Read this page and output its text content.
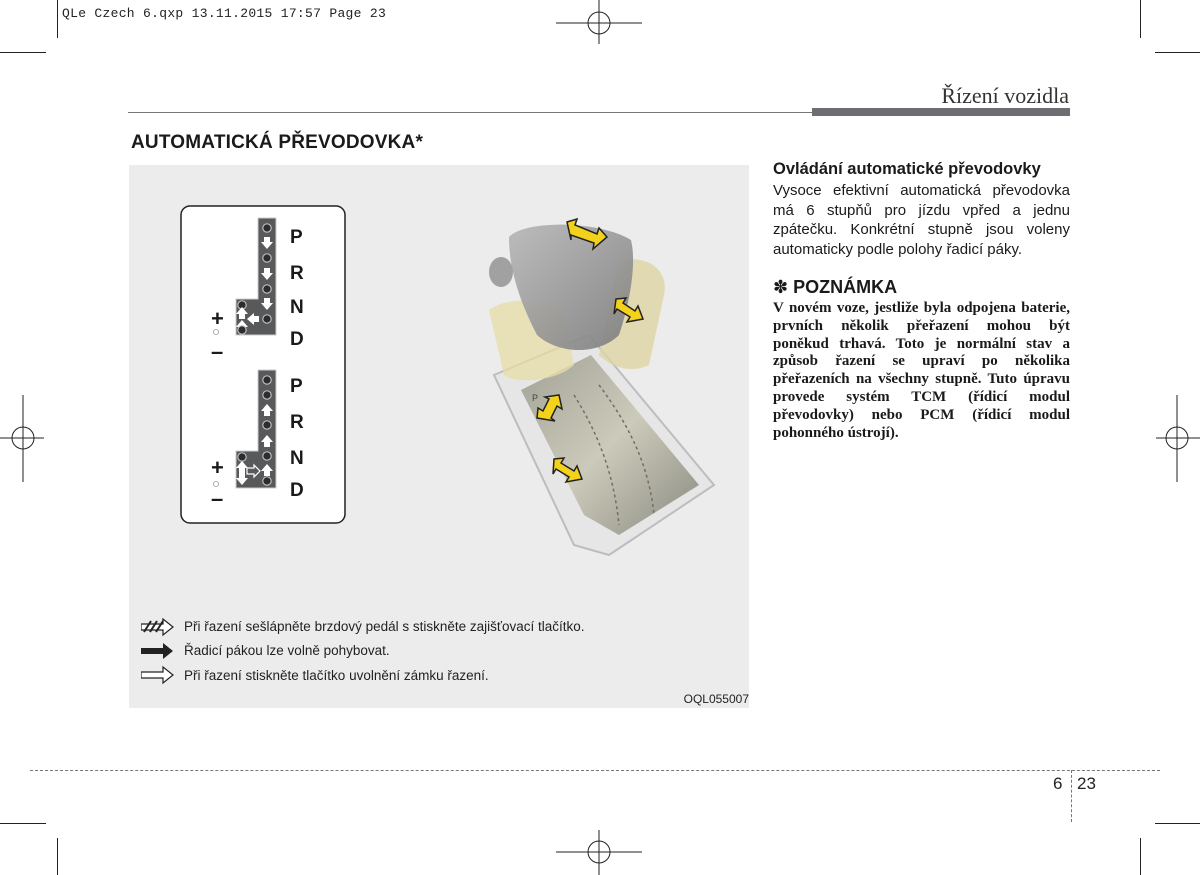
QLe Czech 6.qxp 13.11.2015 17:57 Page 23
Řízení vozidla
AUTOMATICKÁ PŘEVODOVKA*
P
R
N
D
P
R
N
D
+
–
+
–
P
Při řazení sešlápněte brzdový pedál s stiskněte zajišťovací tlačítko.
Řadicí pákou lze volně pohybovat.
Při řazení stiskněte tlačítko uvolnění zámku řazení.
OQL055007
Ovládání automatické převodovky

Vysoce efektivní automatická převodovka má 6 stupňů pro jízdu vpřed a jednu zpátečku. Konkrétní stupně jsou voleny automaticky podle polohy řadicí páky.

✽ POZNÁMKA

V novém voze, jestliže byla odpojena baterie, prvních několik přeřazení mohou být poněkud trhavá. Toto je normální stav a způsob řazení se upraví po několika přeřazeních na všechny stupně. Tuto úpravu provede systém TCM (řídicí modul převodovky) nebo PCM (řídicí modul pohonného ústrojí).

6 23
